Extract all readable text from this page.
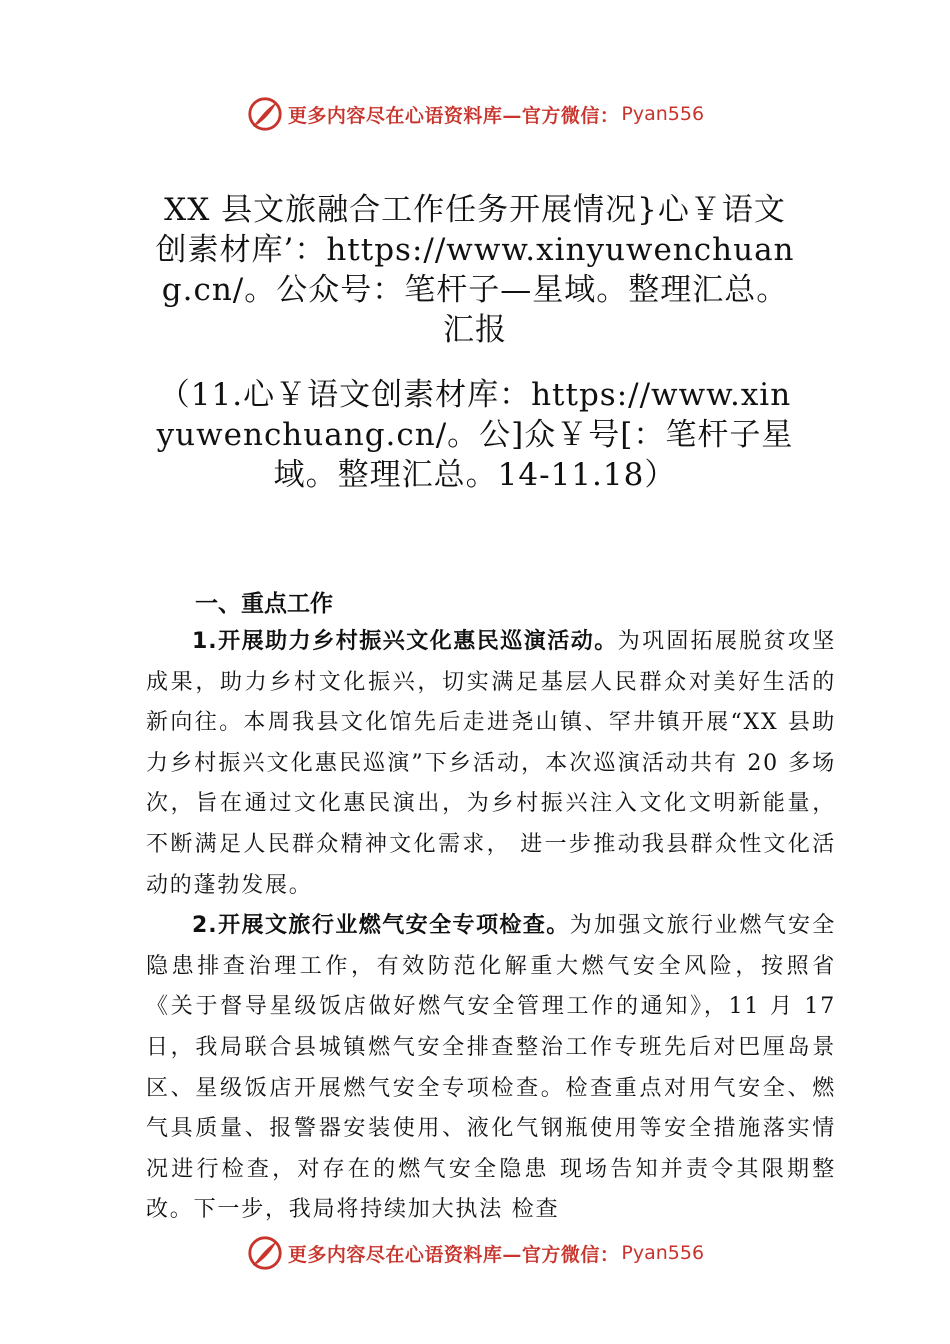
更多内容尽在心语资料库—官方微信： Pyan556
XX 县文旅融合工作任务开展情况}心￥语文创素材库’：https://www.xinyuwenchuang.cn/。公众号：笔杆子—星域。整理汇总。汇报
（11.心￥语文创素材库：https://www.xinyuwenchuang.cn/。公]众￥号[：笔杆子星域。整理汇总。14-11.18）
一、重点工作

1.开展助力乡村振兴文化惠民巡演活动。为巩固拓展脱贫攻坚成果，助力乡村文化振兴，切实满足基层人民群众对美好生活的新向往。本周我县文化馆先后走进尧山镇、罕井镇开展“XX 县助力乡村振兴文化惠民巡演”下乡活动，本次巡演活动共有 20 多场次，旨在通过文化惠民演出，为乡村振兴注入文化文明新能量，不断满足人民群众精神文化需求， 进一步推动我县群众性文化活动的蓬勃发展。

2.开展文旅行业燃气安全专项检查。为加强文旅行业燃气安全隐患排查治理工作，有效防范化解重大燃气安全风险，按照省《关于督导星级饭店做好燃气安全管理工作的通知》，11 月 17 日，我局联合县城镇燃气安全排查整治工作专班先后对巴厘岛景区、星级饭店开展燃气安全专项检查。检查重点对用气安全、燃气具质量、报警器安装使用、液化气钢瓶使用等安全措施落实情况进行检查，对存在的燃气安全隐患 现场告知并责令其限期整改。下一步，我局将持续加大执法 检查

更多内容尽在心语资料库—官方微信： Pyan556
